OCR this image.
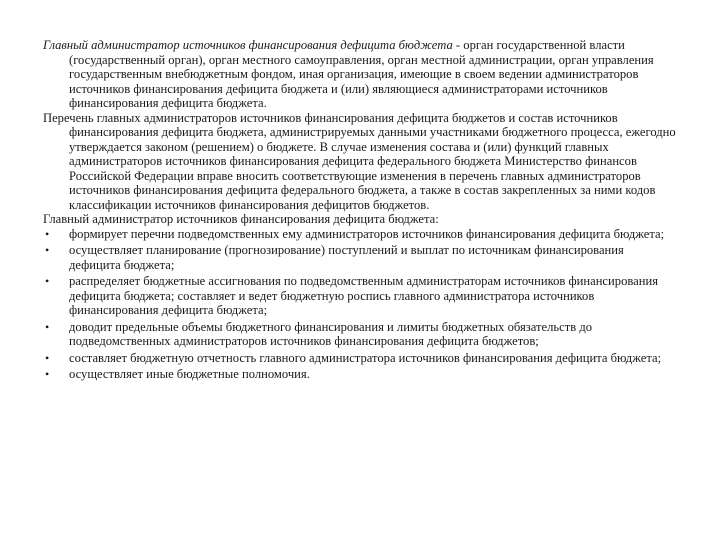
Главный администратор источников финансирования дефицита бюджета - орган государственной власти (государственный орган), орган местного самоуправления, орган местной администрации, орган управления государственным внебюджетным фондом, иная организация, имеющие в своем ведении администраторов источников финансирования дефицита бюджета и (или) являющиеся администраторами источников финансирования дефицита бюджета.

Перечень главных администраторов источников финансирования дефицита бюджетов и состав источников финансирования дефицита бюджета, администрируемых данными участниками бюджетного процесса, ежегодно утверждается законом (решением) о бюджете. В случае изменения состава и (или) функций главных администраторов источников финансирования дефицита федерального бюджета Министерство финансов Российской Федерации вправе вносить соответствующие изменения в перечень главных администраторов источников финансирования дефицита федерального бюджета, а также в состав закрепленных за ними кодов классификации источников финансирования дефицитов бюджетов.

Главный администратор источников финансирования дефицита бюджета:

• формирует перечни подведомственных ему администраторов источников финансирования дефицита бюджета;
• осуществляет планирование (прогнозирование) поступлений и выплат по источникам финансирования дефицита бюджета;
• распределяет бюджетные ассигнования по подведомственным администраторам источников финансирования дефицита бюджета; составляет и ведет бюджетную роспись главного администратора источников финансирования дефицита бюджета;
• доводит предельные объемы бюджетного финансирования и лимиты бюджетных обязательств до подведомственных администраторов источников финансирования дефицита бюджетов;
• составляет бюджетную отчетность главного администратора источников финансирования дефицита бюджета;
• осуществляет иные бюджетные полномочия.
